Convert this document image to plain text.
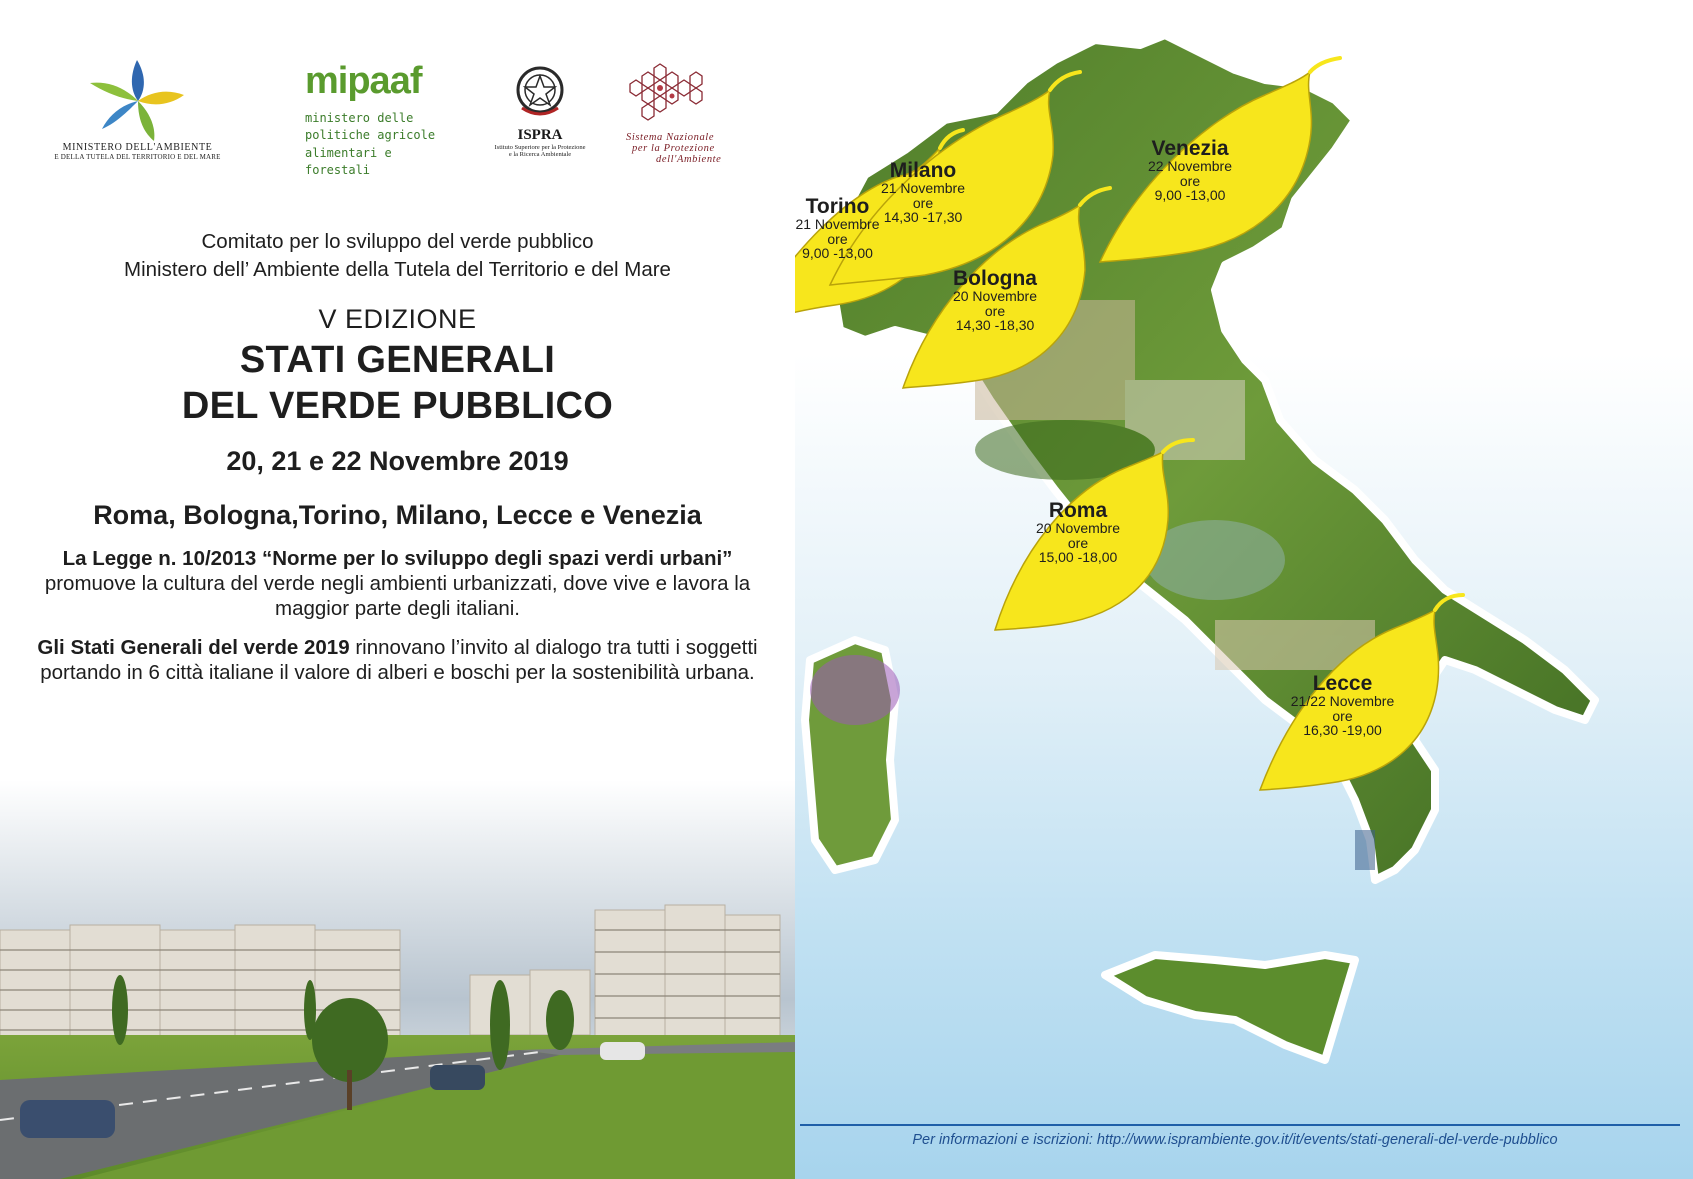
MINISTERO DELL'AMBIENTE
E DELLA TUTELA DEL TERRITORIO E DEL MARE
mipaaf
ministero delle
politiche agricole
alimentari e forestali
ISPRA
Istituto Superiore per la Protezione
e la Ricerca Ambientale
Sistema Nazionale
per la Protezione
dell'Ambiente
Comitato per lo sviluppo del verde pubblico
Ministero dell’ Ambiente della Tutela del Territorio e del Mare
V EDIZIONE
STATI GENERALI
DEL VERDE PUBBLICO
20, 21 e 22 Novembre 2019
Roma, Bologna,Torino, Milano, Lecce e Venezia
La Legge n. 10/2013 “Norme per lo sviluppo degli spazi verdi urbani” promuove la cultura del verde negli ambienti urbanizzati, dove vive e lavora la maggior parte degli italiani.
Gli Stati Generali del verde 2019 rinnovano l’invito al dialogo tra tutti i soggetti portando in 6 città italiane il valore di alberi e boschi per la sostenibilità urbana.
Torino
21 Novembre
ore
9,00 -13,00
Milano
21 Novembre
ore
14,30 -17,30
Venezia
22 Novembre
ore
9,00 -13,00
Bologna
20 Novembre
ore
14,30 -18,30
Roma
20 Novembre
ore
15,00 -18,00
Lecce
21/22 Novembre
ore
16,30 -19,00
Per informazioni e iscrizioni: http://www.isprambiente.gov.it/it/events/stati-generali-del-verde-pubblico
